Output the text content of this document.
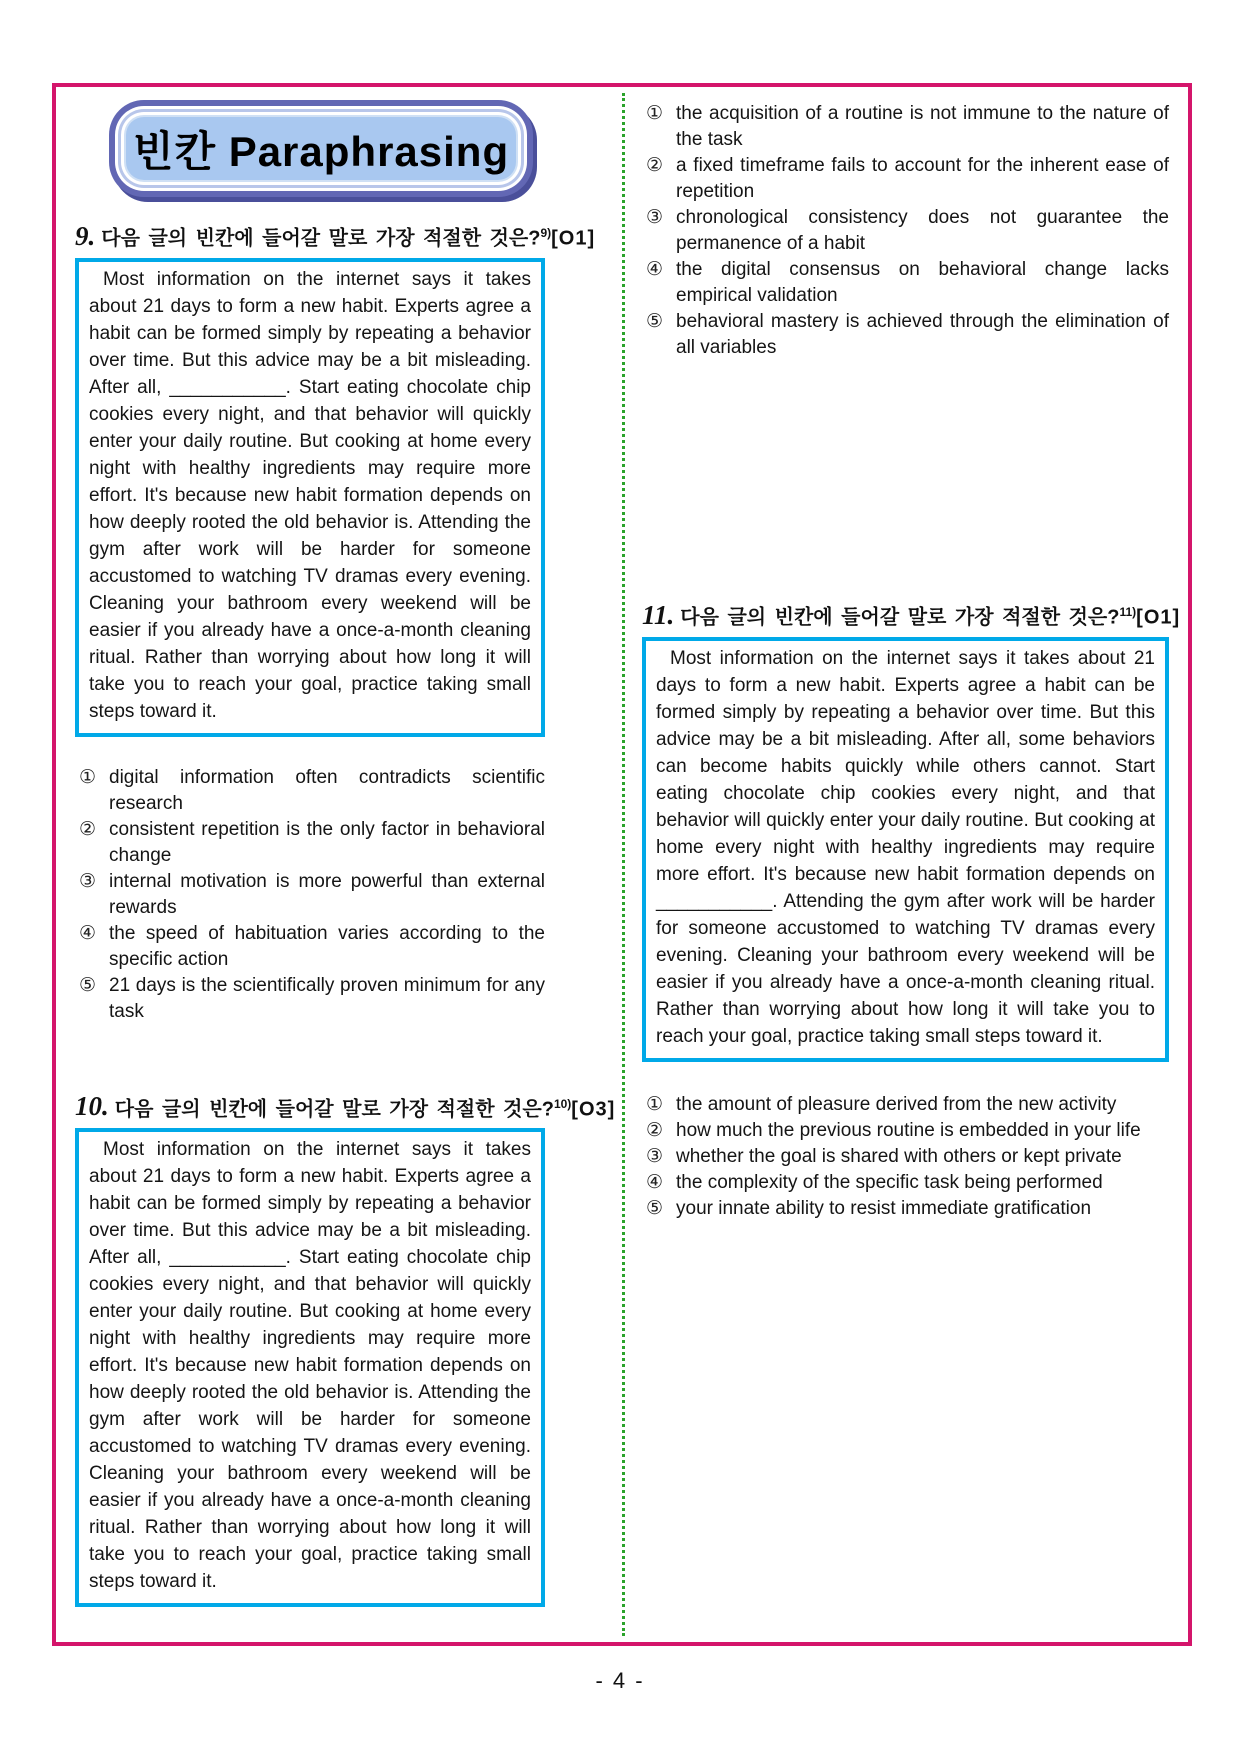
빈칸 Paraphrasing
9. 다음 글의 빈칸에 들어갈 말로 가장 적절한 것은?$^{9)}$[O1]

Most information on the internet says it takes about 21 days to form a new habit. Experts agree a habit can be formed simply by repeating a behavior over time. But this advice may be a bit misleading. After all, ___________. Start eating chocolate chip cookies every night, and that behavior will quickly enter your daily routine. But cooking at home every night with healthy ingredients may require more effort. It's because new habit formation depends on how deeply rooted the old behavior is. Attending the gym after work will be harder for someone accustomed to watching TV dramas every evening. Cleaning your bathroom every weekend will be easier if you already have a once-a-month cleaning ritual. Rather than worrying about how long it will take you to reach your goal, practice taking small steps toward it.

① digital information often contradicts scientific research
② consistent repetition is the only factor in behavioral change
③ internal motivation is more powerful than external rewards
④ the speed of habituation varies according to the specific action
⑤ 21 days is the scientifically proven minimum for any task
10. 다음 글의 빈칸에 들어갈 말로 가장 적절한 것은?$^{10)}$[O3]

Most information on the internet says it takes about 21 days to form a new habit. Experts agree a habit can be formed simply by repeating a behavior over time. But this advice may be a bit misleading. After all, ___________. Start eating chocolate chip cookies every night, and that behavior will quickly enter your daily routine. But cooking at home every night with healthy ingredients may require more effort. It's because new habit formation depends on how deeply rooted the old behavior is. Attending the gym after work will be harder for someone accustomed to watching TV dramas every evening. Cleaning your bathroom every weekend will be easier if you already have a once-a-month cleaning ritual. Rather than worrying about how long it will take you to reach your goal, practice taking small steps toward it.

① the acquisition of a routine is not immune to the nature of the task
② a fixed timeframe fails to account for the inherent ease of repetition
③ chronological consistency does not guarantee the permanence of a habit
④ the digital consensus on behavioral change lacks empirical validation
⑤ behavioral mastery is achieved through the elimination of all variables
11. 다음 글의 빈칸에 들어갈 말로 가장 적절한 것은?$^{11)}$[O1]

Most information on the internet says it takes about 21 days to form a new habit. Experts agree a habit can be formed simply by repeating a behavior over time. But this advice may be a bit misleading. After all, some behaviors can become habits quickly while others cannot. Start eating chocolate chip cookies every night, and that behavior will quickly enter your daily routine. But cooking at home every night with healthy ingredients may require more effort. It's because new habit formation depends on ___________. Attending the gym after work will be harder for someone accustomed to watching TV dramas every evening. Cleaning your bathroom every weekend will be easier if you already have a once-a-month cleaning ritual. Rather than worrying about how long it will take you to reach your goal, practice taking small steps toward it.

① the amount of pleasure derived from the new activity
② how much the previous routine is embedded in your life
③ whether the goal is shared with others or kept private
④ the complexity of the specific task being performed
⑤ your innate ability to resist immediate gratification
- 4 -
